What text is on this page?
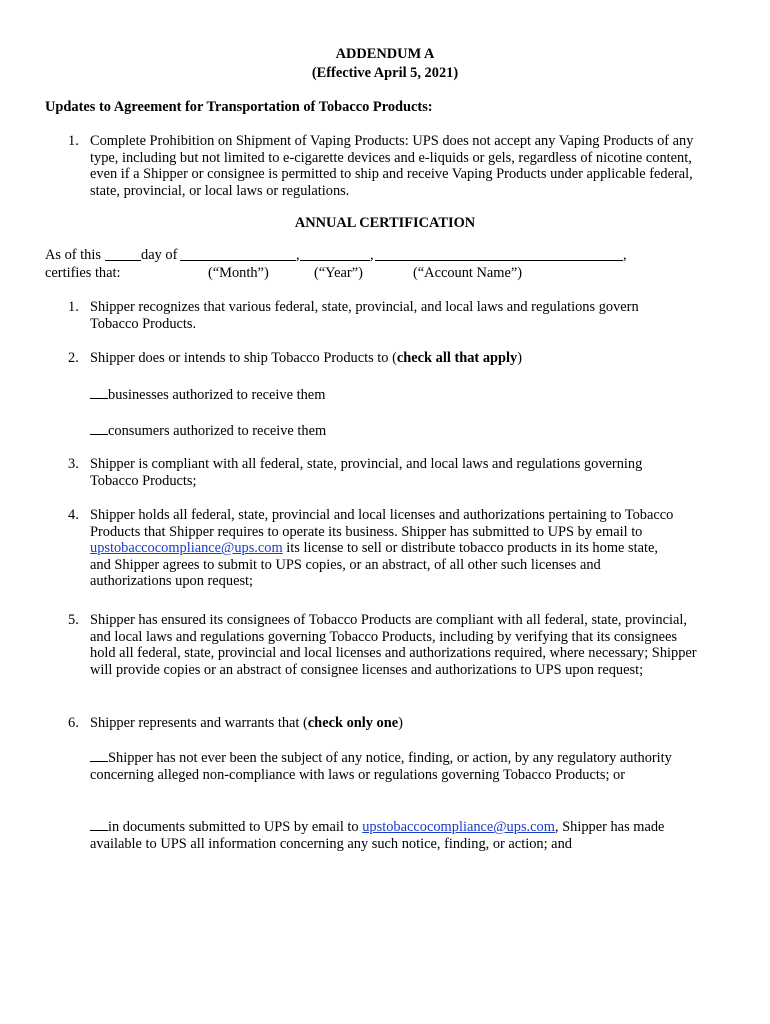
ADDENDUM A
(Effective April 5, 2021)
Updates to Agreement for Transportation of Tobacco Products:
1. Complete Prohibition on Shipment of Vaping Products: UPS does not accept any Vaping Products of any type, including but not limited to e-cigarette devices and e-liquids or gels, regardless of nicotine content, even if a Shipper or consignee is permitted to ship and receive Vaping Products under applicable federal, state, provincial, or local laws or regulations.
ANNUAL CERTIFICATION
As of this	day of	,	,	,
certifies that:	(“Month”)	(“Year”)	(“Account Name”)
1. Shipper recognizes that various federal, state, provincial, and local laws and regulations govern Tobacco Products.
2. Shipper does or intends to ship Tobacco Products to (check all that apply)
businesses authorized to receive them
consumers authorized to receive them
3. Shipper is compliant with all federal, state, provincial, and local laws and regulations governing Tobacco Products;
4. Shipper holds all federal, state, provincial and local licenses and authorizations pertaining to Tobacco Products that Shipper requires to operate its business. Shipper has submitted to UPS by email to upstobaccocompliance@ups.com its license to sell or distribute tobacco products in its home state, and Shipper agrees to submit to UPS copies, or an abstract, of all other such licenses and authorizations upon request;
5. Shipper has ensured its consignees of Tobacco Products are compliant with all federal, state, provincial, and local laws and regulations governing Tobacco Products, including by verifying that its consignees hold all federal, state, provincial and local licenses and authorizations required, where necessary; Shipper will provide copies or an abstract of consignee licenses and authorizations to UPS upon request;
6. Shipper represents and warrants that (check only one)
Shipper has not ever been the subject of any notice, finding, or action, by any regulatory authority concerning alleged non-compliance with laws or regulations governing Tobacco Products; or
in documents submitted to UPS by email to upstobaccocompliance@ups.com, Shipper has made available to UPS all information concerning any such notice, finding, or action; and
